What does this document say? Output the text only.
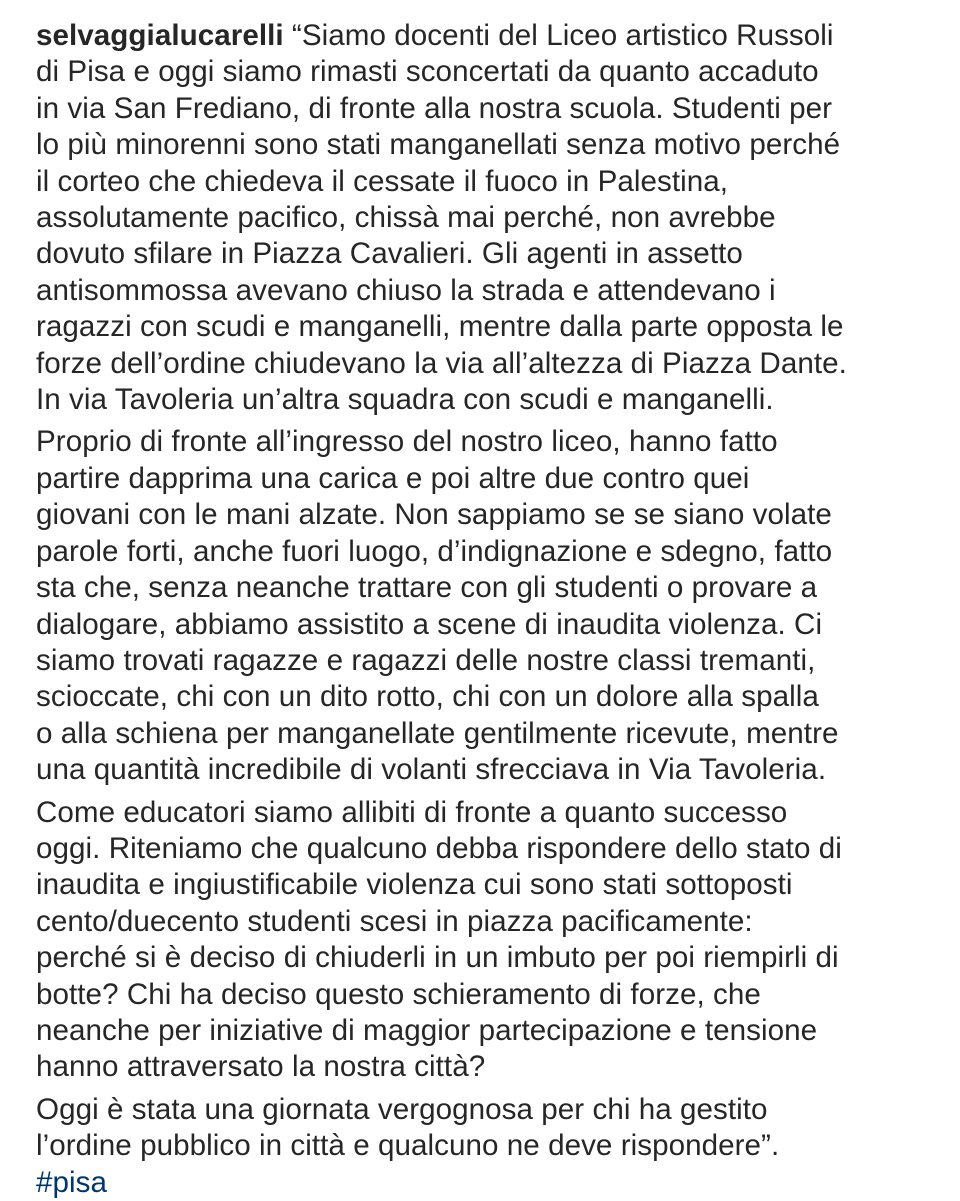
selvaggialucarelli “Siamo docenti del Liceo artistico Russoli
di Pisa e oggi siamo rimasti sconcertati da quanto accaduto
in via San Frediano, di fronte alla nostra scuola. Studenti per
lo più minorenni sono stati manganellati senza motivo perché
il corteo che chiedeva il cessate il fuoco in Palestina,
assolutamente pacifico, chissà mai perché, non avrebbe
dovuto sfilare in Piazza Cavalieri. Gli agenti in assetto
antisommossa avevano chiuso la strada e attendevano i
ragazzi con scudi e manganelli, mentre dalla parte opposta le
forze dell’ordine chiudevano la via all’altezza di Piazza Dante.
In via Tavoleria un’altra squadra con scudi e manganelli.
Proprio di fronte all’ingresso del nostro liceo, hanno fatto
partire dapprima una carica e poi altre due contro quei
giovani con le mani alzate. Non sappiamo se se siano volate
parole forti, anche fuori luogo, d’indignazione e sdegno, fatto
sta che, senza neanche trattare con gli studenti o provare a
dialogare, abbiamo assistito a scene di inaudita violenza. Ci
siamo trovati ragazze e ragazzi delle nostre classi tremanti,
scioccate, chi con un dito rotto, chi con un dolore alla spalla
o alla schiena per manganellate gentilmente ricevute, mentre
una quantità incredibile di volanti sfrecciava in Via Tavoleria.
Come educatori siamo allibiti di fronte a quanto successo
oggi. Riteniamo che qualcuno debba rispondere dello stato di
inaudita e ingiustificabile violenza cui sono stati sottoposti
cento/duecento studenti scesi in piazza pacificamente:
perché si è deciso di chiuderli in un imbuto per poi riempirli di
botte? Chi ha deciso questo schieramento di forze, che
neanche per iniziative di maggior partecipazione e tensione
hanno attraversato la nostra città?
Oggi è stata una giornata vergognosa per chi ha gestito
l’ordine pubblico in città e qualcuno ne deve rispondere”.
#pisa
